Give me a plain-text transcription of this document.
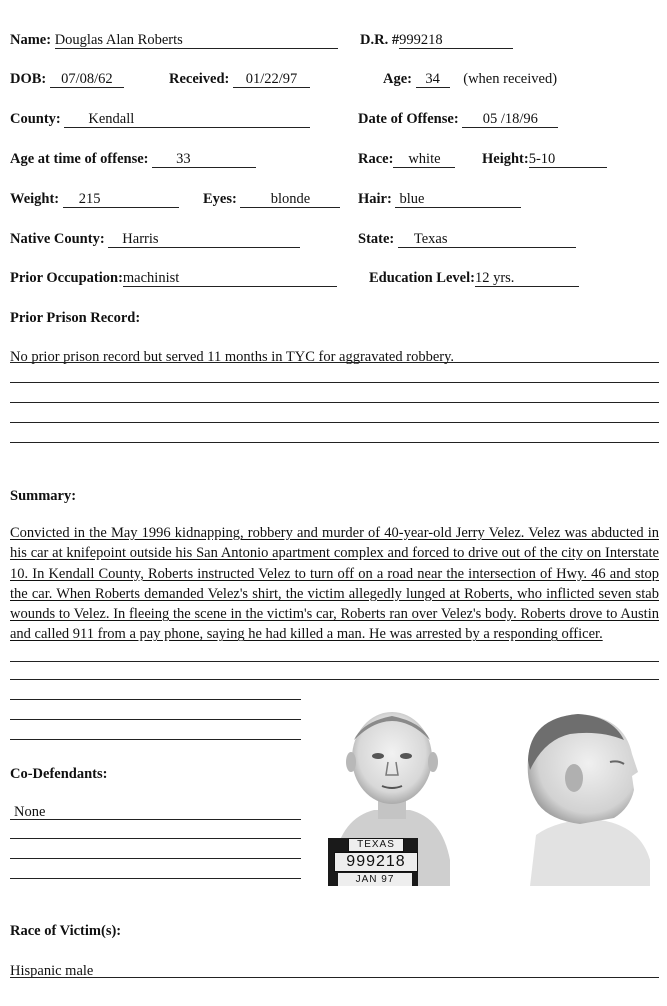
Name: Douglas Alan Roberts	D.R. #999218
DOB: 07/08/62	Received: 01/22/97	Age: 34 (when received)
County: Kendall	Date of Offense: 05 /18/96
Age at time of offense: 33	Race: white	Height:5-10
Weight: 215	Eyes: blonde	Hair: blue
Native County: Harris	State: Texas
Prior Occupation:machinist	Education Level:12 yrs.
Prior Prison Record:
No prior prison record but served 11 months in TYC for aggravated robbery.
Summary:
Convicted in the May 1996 kidnapping, robbery and murder of 40-year-old Jerry Velez. Velez was abducted in his car at knifepoint outside his San Antonio apartment complex and forced to drive out of the city on Interstate 10. In Kendall County, Roberts instructed Velez to turn off on a road near the intersection of Hwy. 46 and stop the car. When Roberts demanded Velez's shirt, the victim allegedly lunged at Roberts, who inflicted seven stab wounds to Velez. In fleeing the scene in the victim's car, Roberts ran over Velez's body. Roberts drove to Austin and called 911 from a pay phone, saying he had killed a man. He was arrested by a responding officer.
Co-Defendants:
None
TEXAS
999218
JAN 97
Race of Victim(s):
Hispanic male
